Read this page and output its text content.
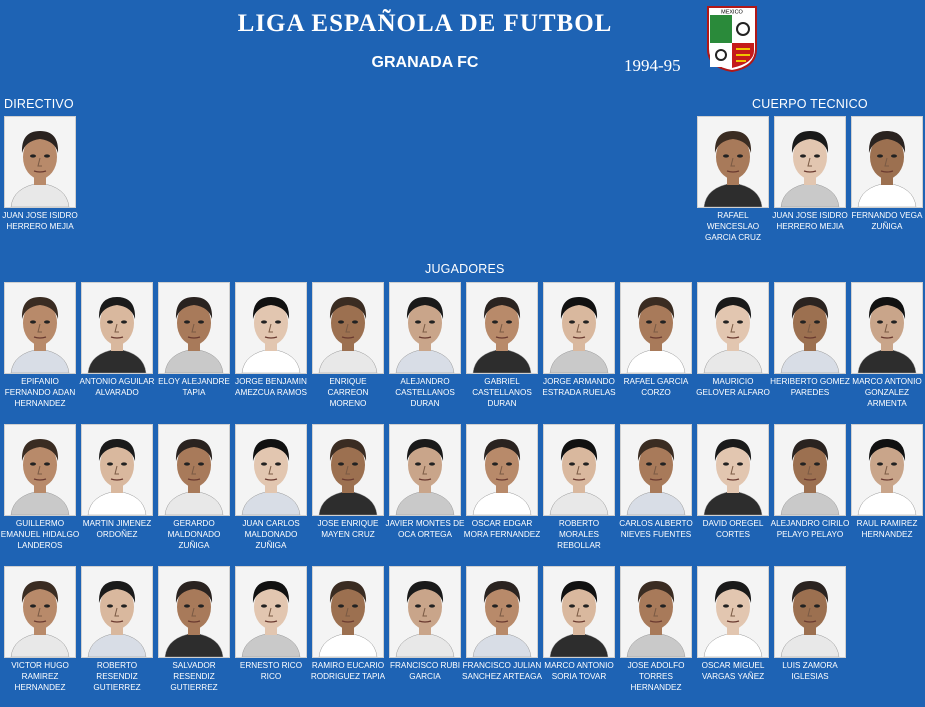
LIGA ESPAÑOLA DE FUTBOL
GRANADA FC	1994-95
MEXICO
DIRECTIVO	CUERPO TECNICO
JUGADORES
JUAN JOSE ISIDRO HERRERO MEJIA
RAFAEL WENCESLAO GARCIA CRUZ
JUAN JOSE ISIDRO HERRERO MEJIA
FERNANDO VEGA ZUÑIGA
EPIFANIO FERNANDO ADAN HERNANDEZ
ANTONIO AGUILAR ALVARADO
ELOY ALEJANDRE TAPIA
JORGE BENJAMIN AMEZCUA RAMOS
ENRIQUE CARREON MORENO
ALEJANDRO CASTELLANOS DURAN
GABRIEL CASTELLANOS DURAN
JORGE ARMANDO ESTRADA RUELAS
RAFAEL GARCIA CORZO
MAURICIO GELOVER ALFARO
HERIBERTO GOMEZ PAREDES
MARCO ANTONIO GONZALEZ ARMENTA
GUILLERMO EMANUEL HIDALGO LANDEROS
MARTIN JIMENEZ ORDOÑEZ
GERARDO MALDONADO ZUÑIGA
JUAN CARLOS MALDONADO ZUÑIGA
JOSE ENRIQUE MAYEN CRUZ
JAVIER MONTES DE OCA ORTEGA
OSCAR EDGAR MORA FERNANDEZ
ROBERTO MORALES REBOLLAR
CARLOS ALBERTO NIEVES FUENTES
DAVID OREGEL CORTES
ALEJANDRO CIRILO PELAYO PELAYO
RAUL RAMIREZ HERNANDEZ
VICTOR HUGO RAMIREZ HERNANDEZ
ROBERTO RESENDIZ GUTIERREZ
SALVADOR RESENDIZ GUTIERREZ
ERNESTO RICO RICO
RAMIRO EUCARIO RODRIGUEZ TAPIA
FRANCISCO RUBI GARCIA
FRANCISCO JULIAN SANCHEZ ARTEAGA
MARCO ANTONIO SORIA TOVAR
JOSE ADOLFO TORRES HERNANDEZ
OSCAR MIGUEL VARGAS YAÑEZ
LUIS ZAMORA IGLESIAS
